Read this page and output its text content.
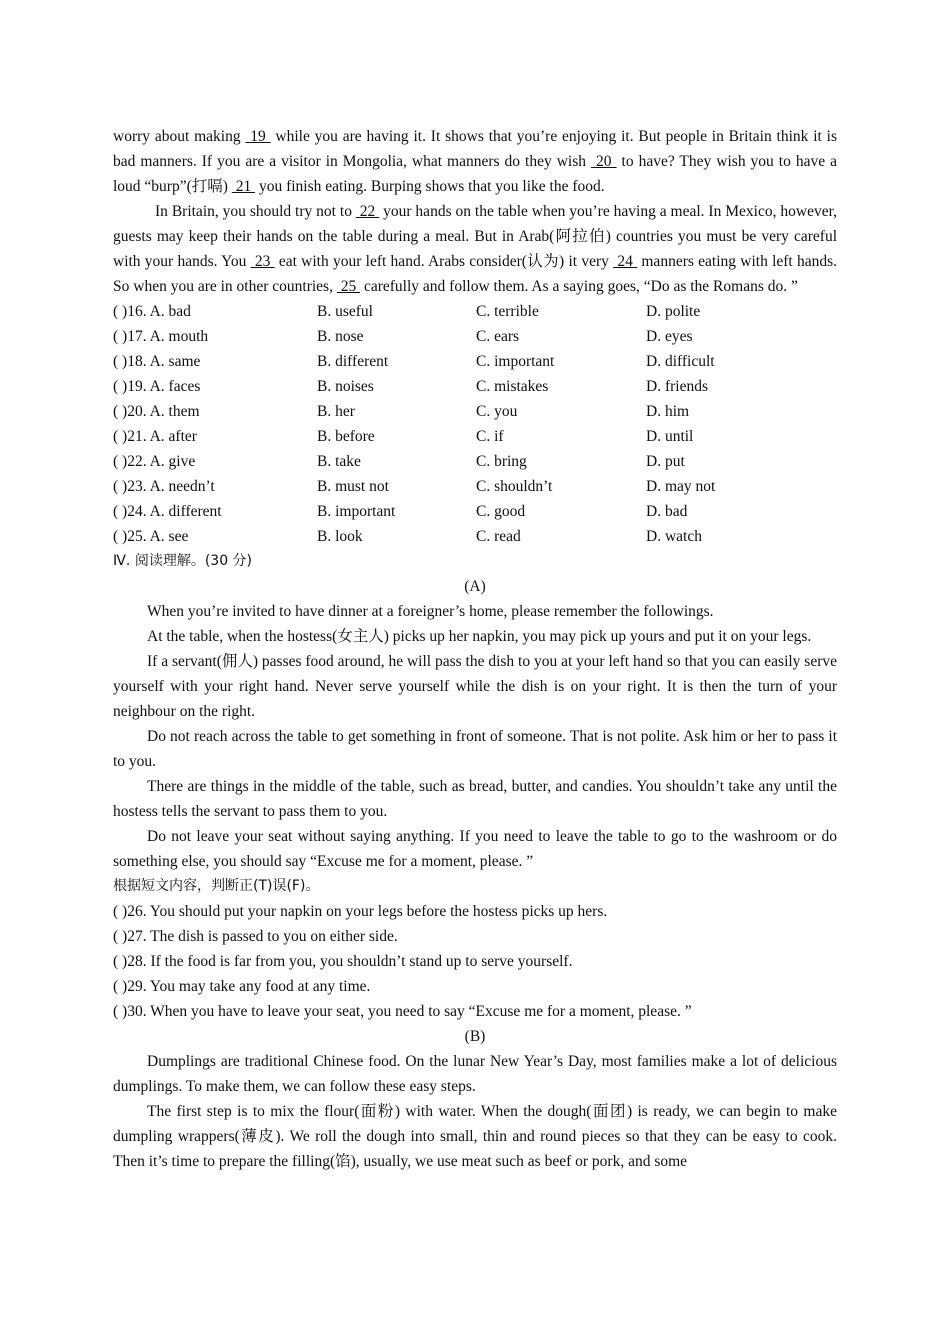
worry about making  19  while you are having it. It shows that you’re enjoying it. But people in Britain think it is bad manners. If you are a visitor in Mongolia, what manners do they wish  20  to have? They wish you to have a loud “burp”(打嗝)  21  you finish eating. Burping shows that you like the food.

In Britain, you should try not to  22  your hands on the table when you’re having a meal. In Mexico, however, guests may keep their hands on the table during a meal. But in Arab(阿拉伯) countries you must be very careful with your hands. You  23  eat with your left hand. Arabs consider(认为) it very  24  manners eating with left hands. So when you are in other countries,  25  carefully and follow them. As a saying goes, “Do as the Romans do. ”

( )16. A. bad	B. useful	C. terrible	D. polite
( )17. A. mouth	B. nose	C. ears	D. eyes
( )18. A. same	B. different	C. important	D. difficult
( )19. A. faces	B. noises	C. mistakes	D. friends
( )20. A. them	B. her	C. you	D. him
( )21. A. after	B. before	C. if	D. until
( )22. A. give	B. take	C. bring	D. put
( )23. A. needn’t	B. must not	C. shouldn’t	D. may not
( )24. A. different	B. important	C. good	D. bad
( )25. A. see	B. look	C. read	D. watch
Ⅳ. 阅读理解。(30 分)
(A)

When you’re invited to have dinner at a foreigner’s home, please remember the followings.

At the table, when the hostess(女主人) picks up her napkin, you may pick up yours and put it on your legs.

If a servant(佣人) passes food around, he will pass the dish to you at your left hand so that you can easily serve yourself with your right hand. Never serve yourself while the dish is on your right. It is then the turn of your neighbour on the right.

Do not reach across the table to get something in front of someone. That is not polite. Ask him or her to pass it to you.

There are things in the middle of the table, such as bread, butter, and candies. You shouldn’t take any until the hostess tells the servant to pass them to you.

Do not leave your seat without saying anything. If you need to leave the table to go to the washroom or do something else, you should say “Excuse me for a moment, please. ”

根据短文内容，判断正(T)误(F)。
( )26. You should put your napkin on your legs before the hostess picks up hers.
( )27. The dish is passed to you on either side.
( )28. If the food is far from you, you shouldn’t stand up to serve yourself.
( )29. You may take any food at any time.
( )30. When you have to leave your seat, you need to say “Excuse me for a moment, please. ”
(B)

Dumplings are traditional Chinese food. On the lunar New Year’s Day, most families make a lot of delicious dumplings. To make them, we can follow these easy steps.

The first step is to mix the flour(面粉) with water. When the dough(面团) is ready, we can begin to make dumpling wrappers(薄皮). We roll the dough into small, thin and round pieces so that they can be easy to cook. Then it’s time to prepare the filling(馅), usually, we use meat such as beef or pork, and some
